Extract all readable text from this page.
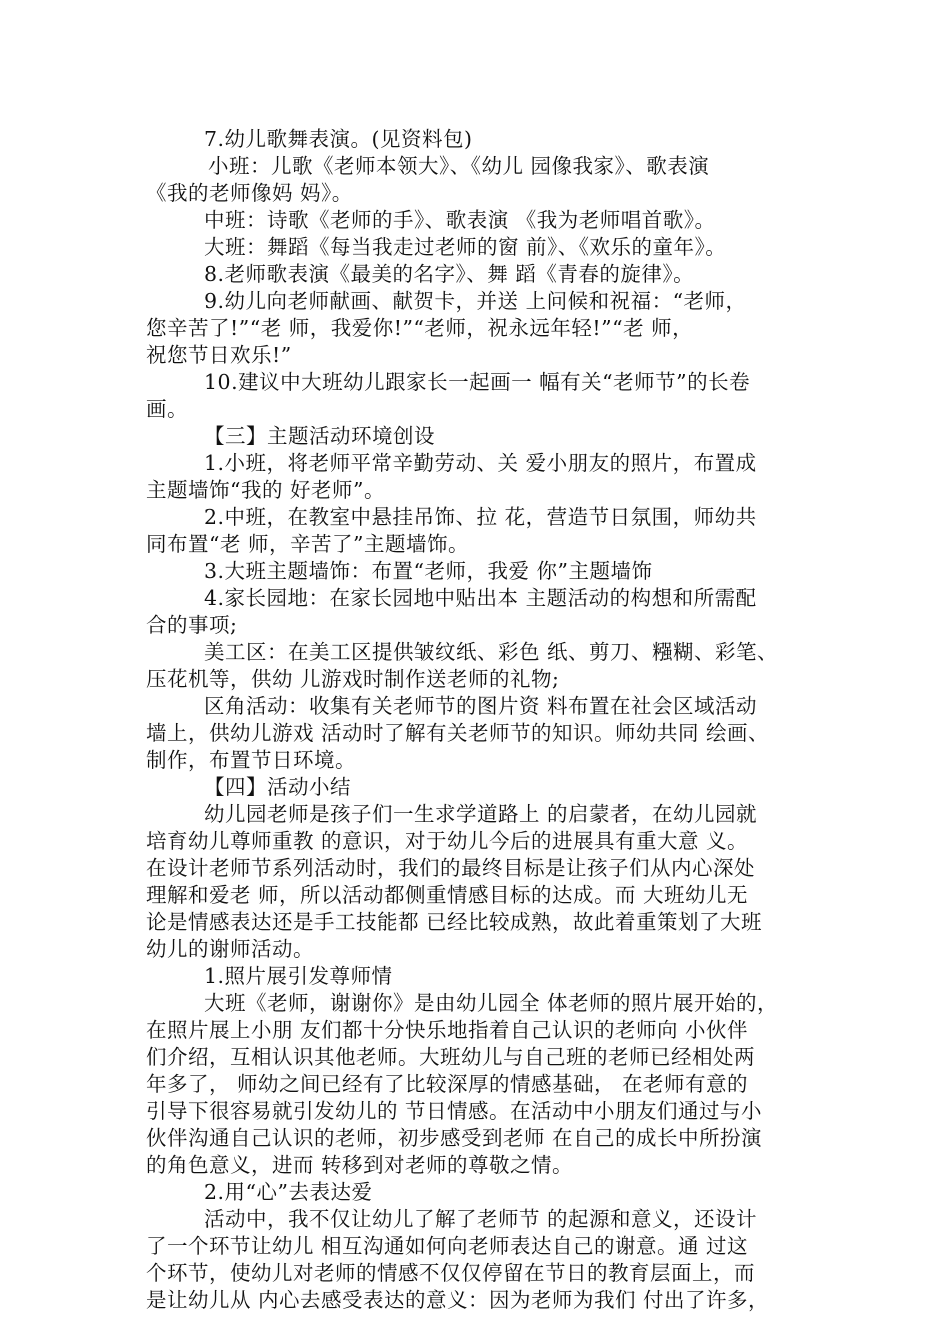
7.幼儿歌舞表演。(见资料包)
小班：儿歌《老师本领大》、《幼儿 园像我家》、歌表演
《我的老师像妈 妈》。
中班：诗歌《老师的手》、歌表演 《我为老师唱首歌》。
大班：舞蹈《每当我走过老师的窗 前》、《欢乐的童年》。
8.老师歌表演《最美的名字》、舞 蹈《青春的旋律》。
9.幼儿向老师献画、献贺卡，并送 上问候和祝福：“老师，
您辛苦了!”“老 师，我爱你!”“老师，祝永远年轻!”“老 师，
祝您节日欢乐!”
10.建议中大班幼儿跟家长一起画一 幅有关“老师节”的长卷
画。
【三】主题活动环境创设
1.小班，将老师平常辛勤劳动、关 爱小朋友的照片，布置成
主题墙饰“我的 好老师”。
2.中班，在教室中悬挂吊饰、拉 花，营造节日氛围，师幼共
同布置“老 师，辛苦了”主题墙饰。
3.大班主题墙饰：布置“老师，我爱 你”主题墙饰
4.家长园地：在家长园地中贴出本 主题活动的构想和所需配
合的事项;
美工区：在美工区提供皱纹纸、彩色 纸、剪刀、糨糊、彩笔、
压花机等，供幼 儿游戏时制作送老师的礼物;
区角活动：收集有关老师节的图片资 料布置在社会区域活动
墙上，供幼儿游戏 活动时了解有关老师节的知识。师幼共同 绘画、
制作，布置节日环境。
【四】活动小结
幼儿园老师是孩子们一生求学道路上 的启蒙者，在幼儿园就
培育幼儿尊师重教 的意识，对于幼儿今后的进展具有重大意 义。
在设计老师节系列活动时，我们的最终目标是让孩子们从内心深处
理解和爱老 师，所以活动都侧重情感目标的达成。而 大班幼儿无
论是情感表达还是手工技能都 已经比较成熟，故此着重策划了大班
幼儿的谢师活动。
1.照片展引发尊师情
大班《老师，谢谢你》是由幼儿园全 体老师的照片展开始的，
在照片展上小朋 友们都十分快乐地指着自己认识的老师向 小伙伴
们介绍，互相认识其他老师。大班幼儿与自己班的老师已经相处两
年多了， 师幼之间已经有了比较深厚的情感基础， 在老师有意的
引导下很容易就引发幼儿的 节日情感。在活动中小朋友们通过与小
伙伴沟通自己认识的老师，初步感受到老师 在自己的成长中所扮演
的角色意义，进而 转移到对老师的尊敬之情。
2.用“心”去表达爱
活动中，我不仅让幼儿了解了老师节 的起源和意义，还设计
了一个环节让幼儿 相互沟通如何向老师表达自己的谢意。通 过这
个环节，使幼儿对老师的情感不仅仅停留在节日的教育层面上，而
是让幼儿从 内心去感受表达的意义：因为老师为我们 付出了许多，
